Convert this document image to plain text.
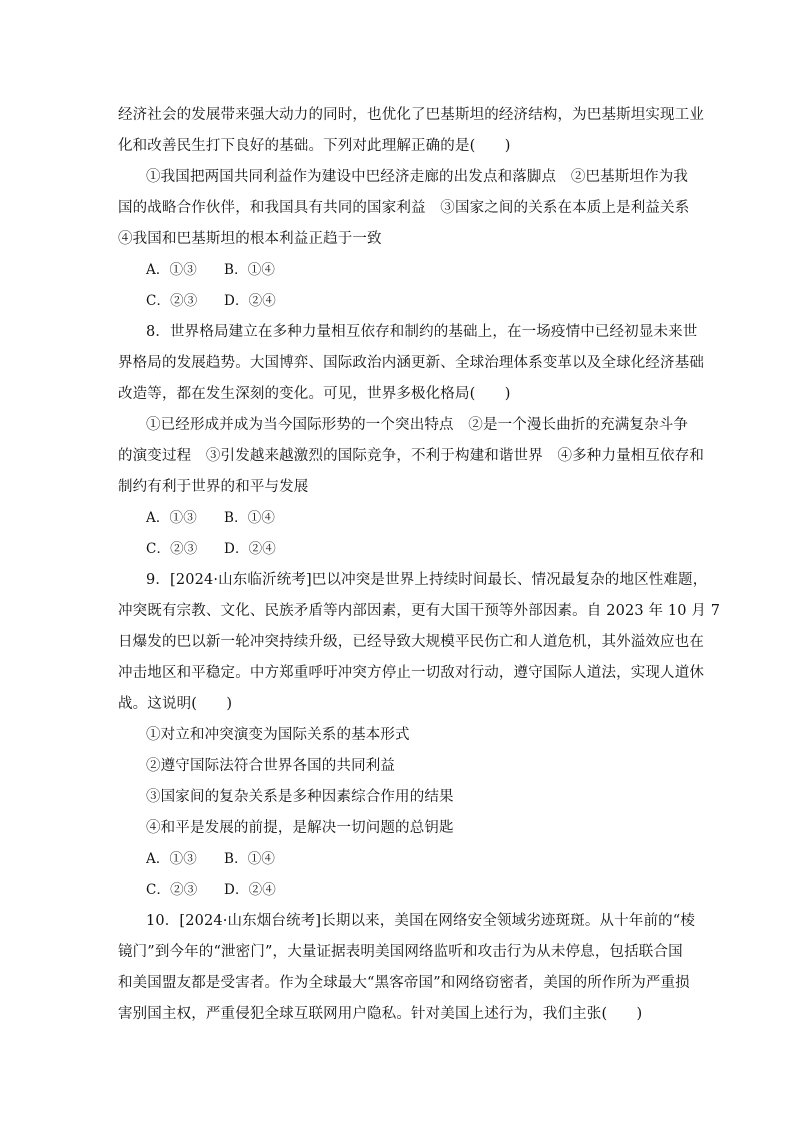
经济社会的发展带来强大动力的同时，也优化了巴基斯坦的经济结构，为巴基斯坦实现工业
化和改善民生打下良好的基础。下列对此理解正确的是(　　)
①我国把两国共同利益作为建设中巴经济走廊的出发点和落脚点　②巴基斯坦作为我
国的战略合作伙伴，和我国具有共同的国家利益　③国家之间的关系在本质上是利益关系
④我国和巴基斯坦的根本利益正趋于一致
A．①③ B．①④
C．②③ D．②④
8．世界格局建立在多种力量相互依存和制约的基础上，在一场疫情中已经初显未来世
界格局的发展趋势。大国博弈、国际政治内涵更新、全球治理体系变革以及全球化经济基础
改造等，都在发生深刻的变化。可见，世界多极化格局(　　)
①已经形成并成为当今国际形势的一个突出特点　②是一个漫长曲折的充满复杂斗争
的演变过程　③引发越来越激烈的国际竞争，不利于构建和谐世界　④多种力量相互依存和
制约有利于世界的和平与发展
A．①③ B．①④
C．②③ D．②④
9．[2024·山东临沂统考]巴以冲突是世界上持续时间最长、情况最复杂的地区性难题，
冲突既有宗教、文化、民族矛盾等内部因素，更有大国干预等外部因素。自 2023 年 10 月 7
日爆发的巴以新一轮冲突持续升级，已经导致大规模平民伤亡和人道危机，其外溢效应也在
冲击地区和平稳定。中方郑重呼吁冲突方停止一切敌对行动，遵守国际人道法，实现人道休
战。这说明(　　)
①对立和冲突演变为国际关系的基本形式
②遵守国际法符合世界各国的共同利益
③国家间的复杂关系是多种因素综合作用的结果
④和平是发展的前提，是解决一切问题的总钥匙
A．①③ B．①④
C．②③ D．②④
10．[2024·山东烟台统考]长期以来，美国在网络安全领域劣迹斑斑。从十年前的“棱
镜门”到今年的“泄密门”，大量证据表明美国网络监听和攻击行为从未停息，包括联合国
和美国盟友都是受害者。作为全球最大“黑客帝国”和网络窃密者，美国的所作所为严重损
害别国主权，严重侵犯全球互联网用户隐私。针对美国上述行为，我们主张(　　)
